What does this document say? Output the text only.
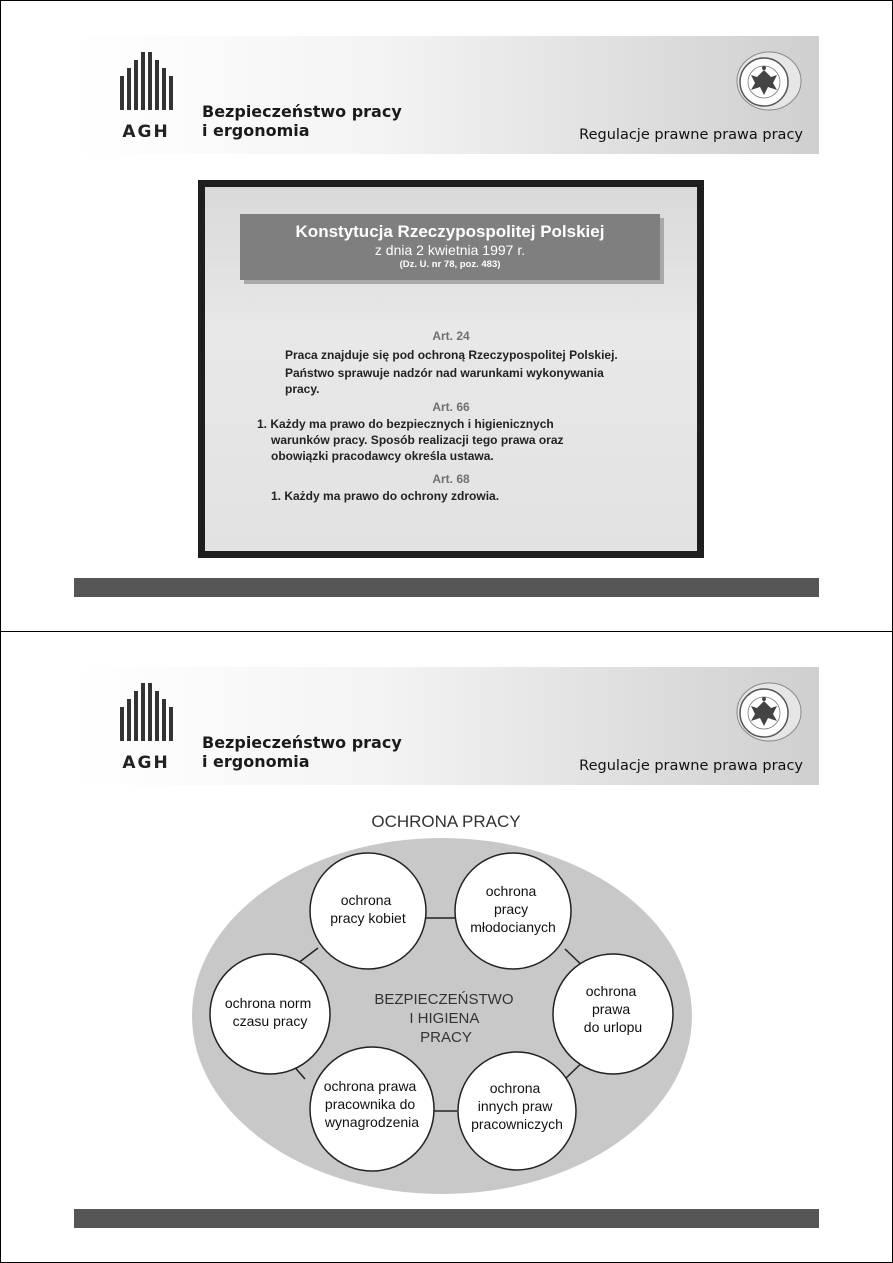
AGH
Bezpieczeństwo pracy
i ergonomia	Regulacje prawne prawa pracy
Konstytucja Rzeczypospolitej Polskiej
z dnia 2 kwietnia 1997 r.
(Dz. U. nr 78, poz. 483)
Art. 24
Praca znajduje się pod ochroną Rzeczypospolitej Polskiej.
Państwo sprawuje nadzór nad warunkami wykonywania
pracy.
Art. 66
1. Każdy ma prawo do bezpiecznych i higienicznych
warunków pracy. Sposób realizacji tego prawa oraz
obowiązki pracodawcy określa ustawa.
Art. 68
1. Każdy ma prawo do ochrony zdrowia.
AGH
Bezpieczeństwo pracy
i ergonomia	Regulacje prawne prawa pracy
OCHRONA PRACY
ochrona pracy kobiet
ochrona pracy młodocianych
ochrona prawa do urlopu
ochrona innych praw pracowniczych
ochrona prawa pracownika do wynagrodzenia
ochrona norm czasu pracy
BEZPIECZEŃSTWO I HIGIENA PRACY
